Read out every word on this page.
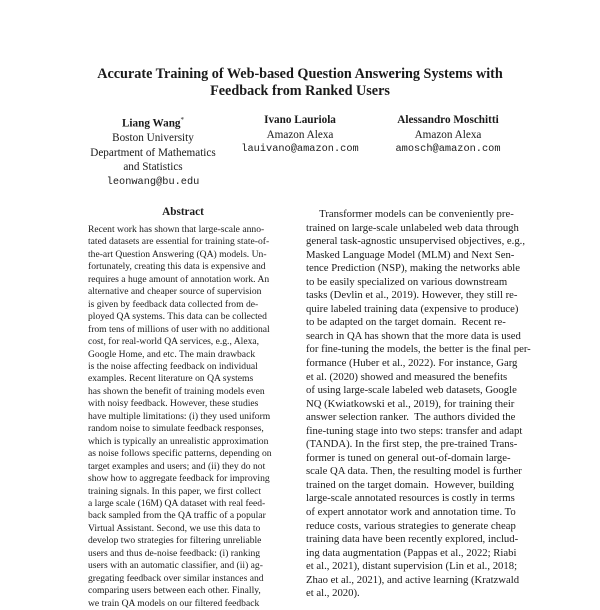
Accurate Training of Web-based Question Answering Systems with
Feedback from Ranked Users
Liang Wang*
Boston University
Department of Mathematics
and Statistics
leonwang@bu.edu
Ivano Lauriola
Amazon Alexa
lauivano@amazon.com
Alessandro Moschitti
Amazon Alexa
amosch@amazon.com
Abstract
Recent work has shown that large-scale anno-
tated datasets are essential for training state-of-
the-art Question Answering (QA) models. Un-
fortunately, creating this data is expensive and
requires a huge amount of annotation work. An
alternative and cheaper source of supervision
is given by feedback data collected from de-
ployed QA systems. This data can be collected
from tens of millions of user with no additional
cost, for real-world QA services, e.g., Alexa,
Google Home, and etc. The main drawback
is the noise affecting feedback on individual
examples. Recent literature on QA systems
has shown the benefit of training models even
with noisy feedback. However, these studies
have multiple limitations: (i) they used uniform
random noise to simulate feedback responses,
which is typically an unrealistic approximation
as noise follows specific patterns, depending on
target examples and users; and (ii) they do not
show how to aggregate feedback for improving
training signals. In this paper, we first collect
a large scale (16M) QA dataset with real feed-
back sampled from the QA traffic of a popular
Virtual Assistant. Second, we use this data to
develop two strategies for filtering unreliable
users and thus de-noise feedback: (i) ranking
users with an automatic classifier, and (ii) ag-
gregating feedback over similar instances and
comparing users between each other. Finally,
we train QA models on our filtered feedback
Transformer models can be conveniently pre-
trained on large-scale unlabeled web data through
general task-agnostic unsupervised objectives, e.g.,
Masked Language Model (MLM) and Next Sen-
tence Prediction (NSP), making the networks able
to be easily specialized on various downstream
tasks (Devlin et al., 2019). However, they still re-
quire labeled training data (expensive to produce)
to be adapted on the target domain.  Recent re-
search in QA has shown that the more data is used
for fine-tuning the models, the better is the final per-
formance (Huber et al., 2022). For instance, Garg
et al. (2020) showed and measured the benefits
of using large-scale labeled web datasets, Google
NQ (Kwiatkowski et al., 2019), for training their
answer selection ranker.  The authors divided the
fine-tuning stage into two steps: transfer and adapt
(TANDA). In the first step, the pre-trained Trans-
former is tuned on general out-of-domain large-
scale QA data. Then, the resulting model is further
trained on the target domain.  However, building
large-scale annotated resources is costly in terms
of expert annotator work and annotation time. To
reduce costs, various strategies to generate cheap
training data have been recently explored, includ-
ing data augmentation (Pappas et al., 2022; Riabi
et al., 2021), distant supervision (Lin et al., 2018;
Zhao et al., 2021), and active learning (Kratzwald
et al., 2020).
